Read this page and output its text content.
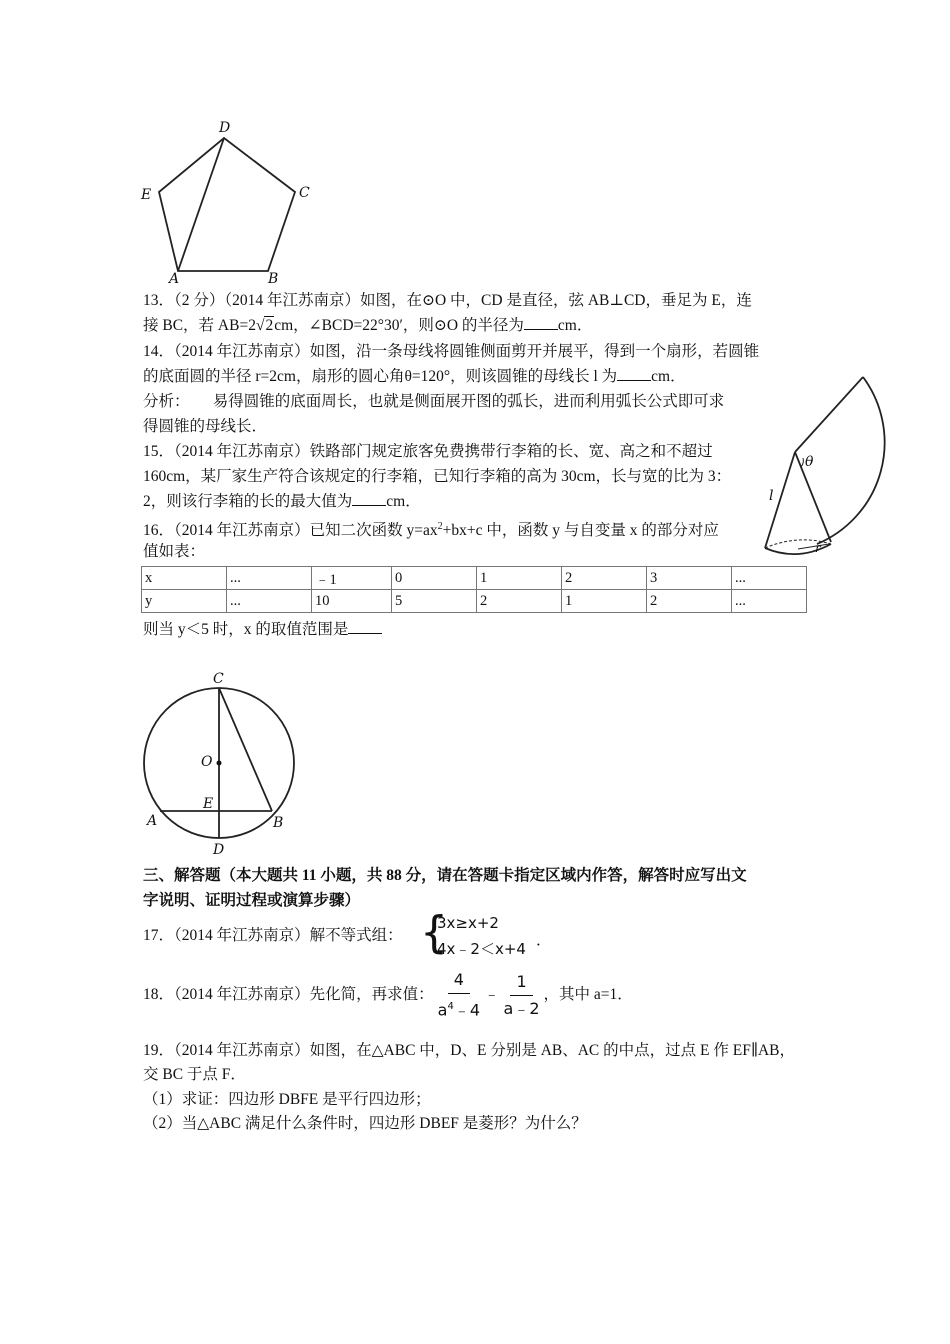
D
E	C
A	B
θ
l
r
13．（2 分）（2014 年江苏南京）如图，在⊙O 中，CD 是直径，弦 AB⊥CD，垂足为 E，连
接 BC，若 AB=2√2cm，∠BCD=22°30′，则⊙O 的半径为 cm．
14．（2014 年江苏南京）如图，沿一条母线将圆锥侧面剪开并展平，得到一个扇形，若圆锥
的底面圆的半径 r=2cm，扇形的圆心角θ=120°，则该圆锥的母线长 l 为 cm．
分析：　　易得圆锥的底面周长，也就是侧面展开图的弧长，进而利用弧长公式即可求
得圆锥的母线长．
15．（2014 年江苏南京）铁路部门规定旅客免费携带行李箱的长、宽、高之和不超过
160cm，某厂家生产符合该规定的行李箱，已知行李箱的高为 30cm，长与宽的比为 3：
2，则该行李箱的长的最大值为 cm．
16．（2014 年江苏南京）已知二次函数 $y=ax^2+bx+c$ 中，函数 y 与自变量 x 的部分对应
值如表：
x	...	﹣1	0	1	2	3	...
y	...	10	5	2	1	2	...
则当 y＜5 时，x 的取值范围是
C
O
E
A	B
D
三、解答题（本大题共 11 小题，共 88 分，请在答题卡指定区域内作答，解答时应写出文
字说明、证明过程或演算步骤）
17．（2014 年江苏南京）解不等式组： {
3x≥x+2
4x﹣2＜x+4 ．
18．（2014 年江苏南京）先化简，再求值： $\frac{4}{a^4﹣4}$ ﹣ $\frac{1}{a﹣2}$ ，其中 a=1．
19．（2014 年江苏南京）如图，在△ABC 中，D、E 分别是 AB、AC 的中点，过点 E 作 EF∥AB，
交 BC 于点 F．
（1）求证：四边形 DBFE 是平行四边形；
（2）当△ABC 满足什么条件时，四边形 DBEF 是菱形？为什么？
